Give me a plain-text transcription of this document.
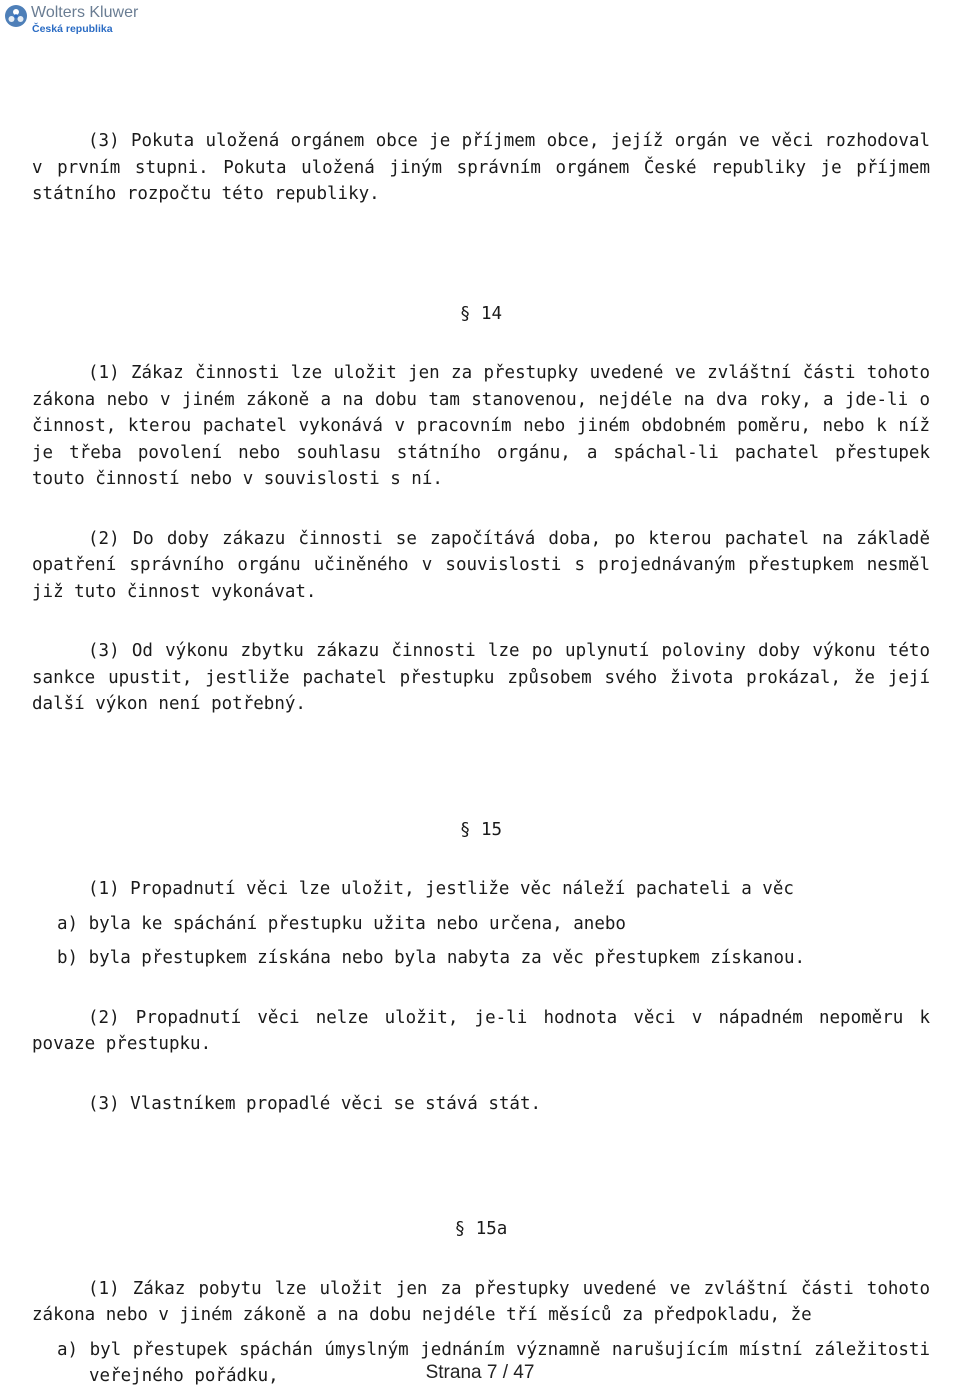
Wolters Kluwer
Česká republika

(3) Pokuta uložená orgánem obce je příjmem obce, jejíž orgán ve věci rozhodoval v prvním stupni. Pokuta uložená jiným správním orgánem České republiky je příjmem státního rozpočtu této republiky.

§ 14

(1) Zákaz činnosti lze uložit jen za přestupky uvedené ve zvláštní části tohoto zákona nebo v jiném zákoně a na dobu tam stanovenou, nejdéle na dva roky, a jde-li o činnost, kterou pachatel vykonává v pracovním nebo jiném obdobném poměru, nebo k níž je třeba povolení nebo souhlasu státního orgánu, a spáchal-li pachatel přestupek touto činností nebo v souvislosti s ní.

(2) Do doby zákazu činnosti se započítává doba, po kterou pachatel na základě opatření správního orgánu učiněného v souvislosti s projednávaným přestupkem nesměl již tuto činnost vykonávat.

(3) Od výkonu zbytku zákazu činnosti lze po uplynutí poloviny doby výkonu této sankce upustit, jestliže pachatel přestupku způsobem svého života prokázal, že její další výkon není potřebný.

§ 15

(1) Propadnutí věci lze uložit, jestliže věc náleží pachateli a věc

a) byla ke spáchání přestupku užita nebo určena, anebo

b) byla přestupkem získána nebo byla nabyta za věc přestupkem získanou.

(2) Propadnutí věci nelze uložit, je-li hodnota věci v nápadném nepoměru k povaze přestupku.

(3) Vlastníkem propadlé věci se stává stát.

§ 15a

(1) Zákaz pobytu lze uložit jen za přestupky uvedené ve zvláštní části tohoto zákona nebo v jiném zákoně a na dobu nejdéle tří měsíců za předpokladu, že

a) byl přestupek spáchán úmyslným jednáním významně narušujícím místní záležitosti veřejného pořádku,	Strana 7 / 47
